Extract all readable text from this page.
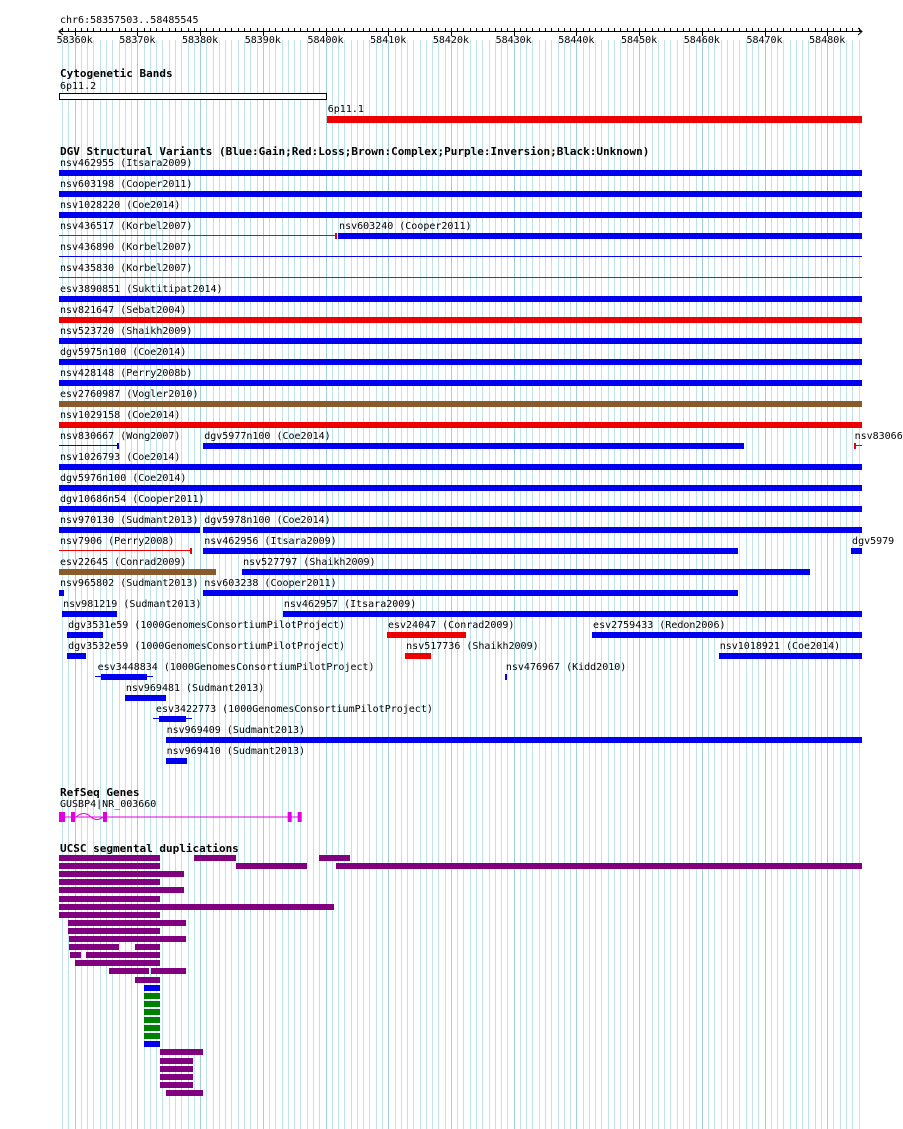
chr6:58357503..58485545
58360k	58370k	58380k	58390k	58400k	58410k	58420k	58430k	58440k	58450k	58460k	58470k	58480k
Cytogenetic Bands
6p11.2
6p11.1
DGV Structural Variants (Blue:Gain;Red:Loss;Brown:Complex;Purple:Inversion;Black:Unknown)
nsv462955 (Itsara2009)
nsv603198 (Cooper2011)
nsv1028220 (Coe2014)
nsv436517 (Korbel2007)	nsv603240 (Cooper2011)
nsv436890 (Korbel2007)
nsv435830 (Korbel2007)
esv3890851 (Suktitipat2014)
nsv821647 (Sebat2004)
nsv523720 (Shaikh2009)
dgv5975n100 (Coe2014)
nsv428148 (Perry2008b)
esv2760987 (Vogler2010)
nsv1029158 (Coe2014)
nsv830667 (Wong2007) dgv5977n100 (Coe2014)	nsv83066
nsv1026793 (Coe2014)
dgv5976n100 (Coe2014)
dgv10686n54 (Cooper2011)
nsv970130 (Sudmant2013) dgv5978n100 (Coe2014)
nsv7906 (Perry2008)	nsv462956 (Itsara2009)	dgv5979
esv22645 (Conrad2009)	nsv527797 (Shaikh2009)
nsv965802 (Sudmant2013) nsv603238 (Cooper2011)
nsv981219 (Sudmant2013)	nsv462957 (Itsara2009)
dgv3531e59 (1000GenomesConsortiumPilotProject)	esv24047 (Conrad2009)	esv2759433 (Redon2006)
dgv3532e59 (1000GenomesConsortiumPilotProject)	nsv517736 (Shaikh2009)	nsv1018921 (Coe2014)
esv3448834 (1000GenomesConsortiumPilotProject)	nsv476967 (Kidd2010)
nsv969481 (Sudmant2013)
esv3422773 (1000GenomesConsortiumPilotProject)
nsv969409 (Sudmant2013)
nsv969410 (Sudmant2013)
RefSeq Genes
GUSBP4|NR_003660
UCSC segmental duplications
